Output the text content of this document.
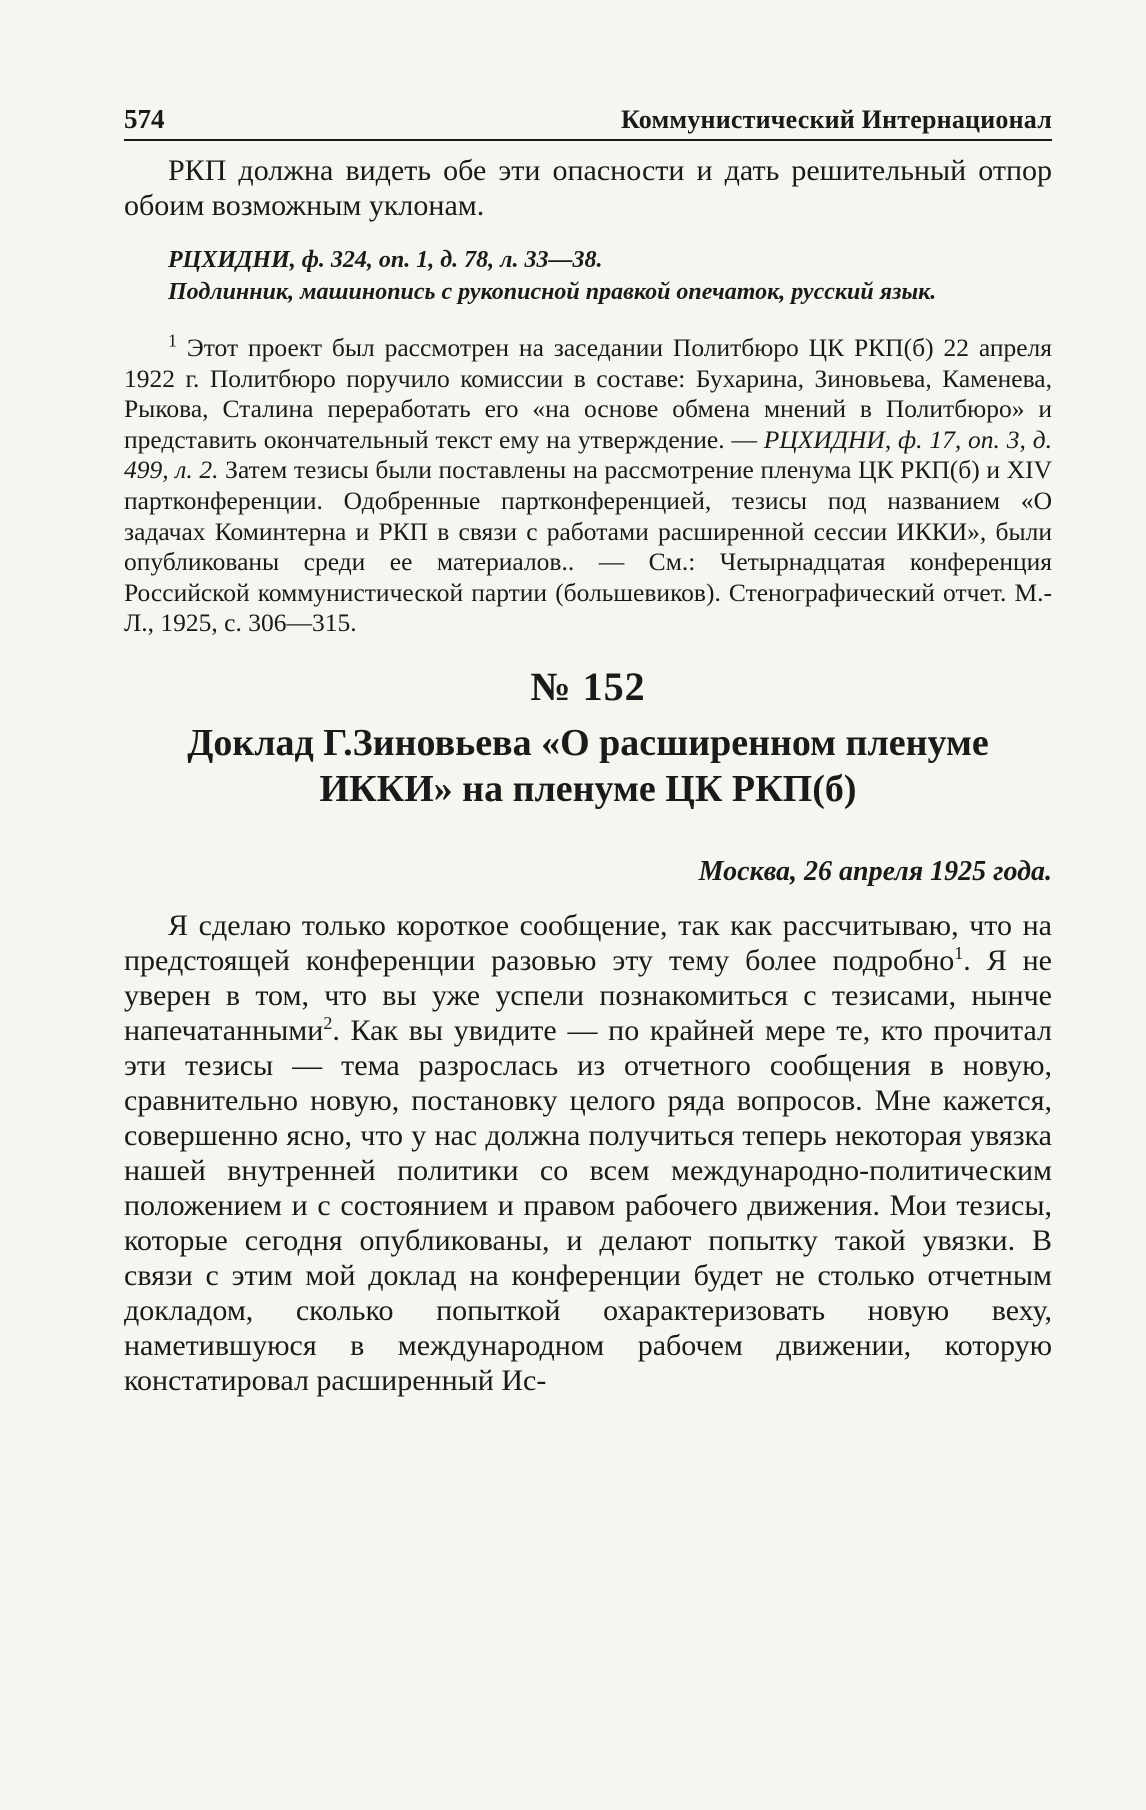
574	Коммунистический Интернационал

РКП должна видеть обе эти опасности и дать решительный отпор обоим возможным уклонам.

РЦХИДНИ, ф. 324, оп. 1, д. 78, л. 33—38.

Подлинник, машинопись с рукописной правкой опечаток, русский язык.

$^1$ Этот проект был рассмотрен на заседании Политбюро ЦК РКП(б) 22 апреля 1922 г. Политбюро поручило комиссии в составе: Бухарина, Зиновьева, Каменева, Рыкова, Сталина переработать его «на основе обмена мнений в Политбюро» и представить окончательный текст ему на утверждение. — РЦХИДНИ, ф. 17, оп. 3, д. 499, л. 2. Затем тезисы были поставлены на рассмотрение пленума ЦК РКП(б) и XIV партконференции. Одобренные партконференцией, тезисы под названием «О задачах Коминтерна и РКП в связи с работами расширенной сессии ИККИ», были опубликованы среди ее материалов.. — См.: Четырнадцатая конференция Российской коммунистической партии (большевиков). Стенографический отчет. М.-Л., 1925, с. 306—315.

№ 152
Доклад Г.Зиновьева «О расширенном пленуме ИККИ» на пленуме ЦК РКП(б)
Москва, 26 апреля 1925 года.

Я сделаю только короткое сообщение, так как рассчитываю, что на предстоящей конференции разовью эту тему более подробно$^1$. Я не уверен в том, что вы уже успели познакомиться с тезисами, нынче напечатанными$^2$. Как вы увидите — по крайней мере те, кто прочитал эти тезисы — тема разрослась из отчетного сообщения в новую, сравнительно новую, постановку целого ряда вопросов. Мне кажется, совершенно ясно, что у нас должна получиться теперь некоторая увязка нашей внутренней политики со всем международно-политическим положением и с состоянием и правом рабочего движения. Мои тезисы, которые сегодня опубликованы, и делают попытку такой увязки. В связи с этим мой доклад на конференции будет не столько отчетным докладом, сколько попыткой охарактеризовать новую веху, наметившуюся в международном рабочем движении, которую констатировал расширенный Ис-
